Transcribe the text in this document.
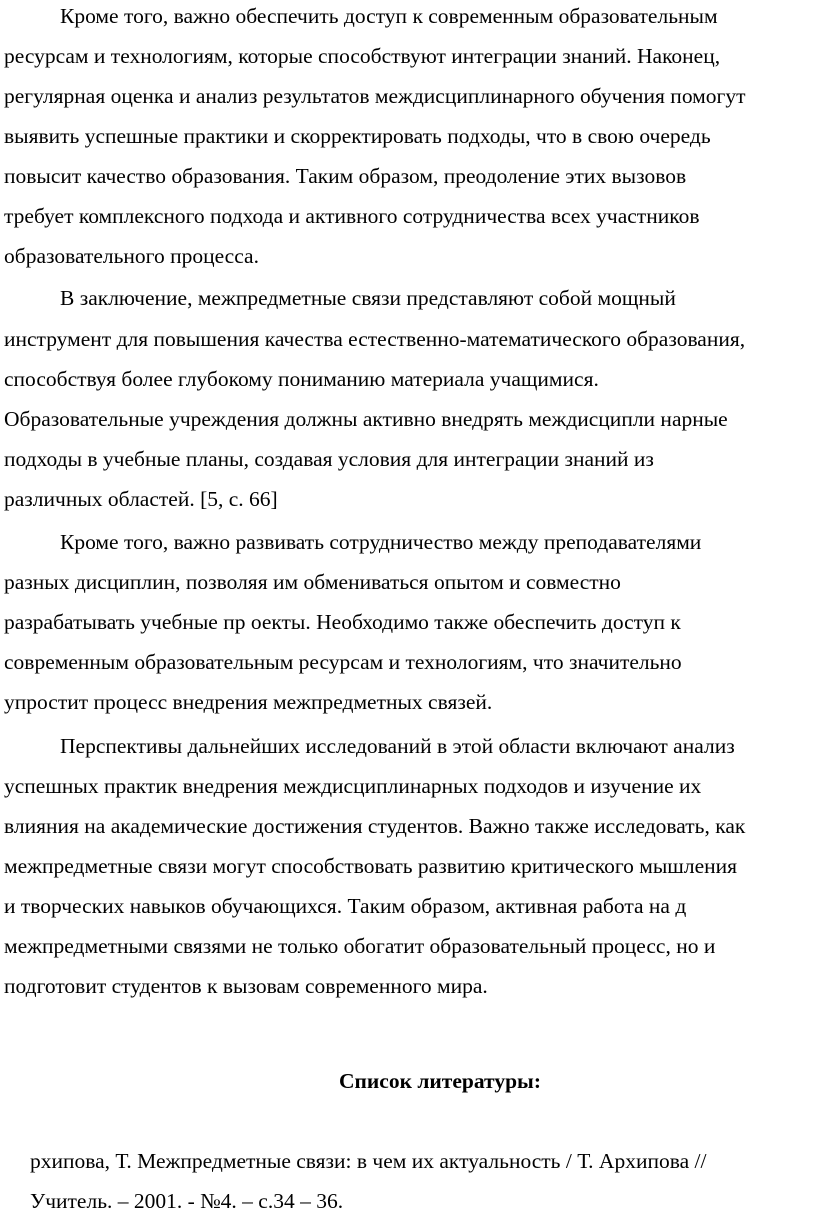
Кроме того, важно обеспечить доступ к современным образовательным

ресурсам и технологиям, которые способствуют интеграции знаний. Наконец,

регулярная оценка и анализ результатов междисциплинарного обучения помогут

выявить успешные практики и скорректировать подходы, что в свою очередь

повысит качество образования. Таким образом, преодоление этих вызовов

требует комплексного подхода и активного сотрудничества всех участников

образовательного процесса.

В заключение, межпредметные связи представляют собой мощный

инструмент для повышения качества естественно-математического образования,

способствуя более глубокому пониманию материала учащимися.

Образовательные учреждения должны активно внедрять междисципли нарные

подходы в учебные планы, создавая условия для интеграции знаний из

различных областей. [5, с. 66]

Кроме того, важно развивать сотрудничество между преподавателями

разных дисциплин, позволяя им обмениваться опытом и совместно

разрабатывать учебные пр оекты. Необходимо также обеспечить доступ к

современным образовательным ресурсам и технологиям, что значительно

упростит процесс внедрения межпредметных связей.

Перспективы дальнейших исследований в этой области включают анализ

успешных практик внедрения междисциплинарных подходов и изучение их

влияния на академические достижения студентов. Важно также исследовать, как

межпредметные связи могут способствовать развитию критического мышления

и творческих навыков обучающихся. Таким образом, активная работа на д

межпредметными связями не только обогатит образовательный процесс, но и

подготовит студентов к вызовам современного мира.

Список литературы:

рхипова, Т. Межпредметные связи: в чем их актуальность / Т. Архипова //

Учитель. – 2001. - №4. – с.34 – 36.
